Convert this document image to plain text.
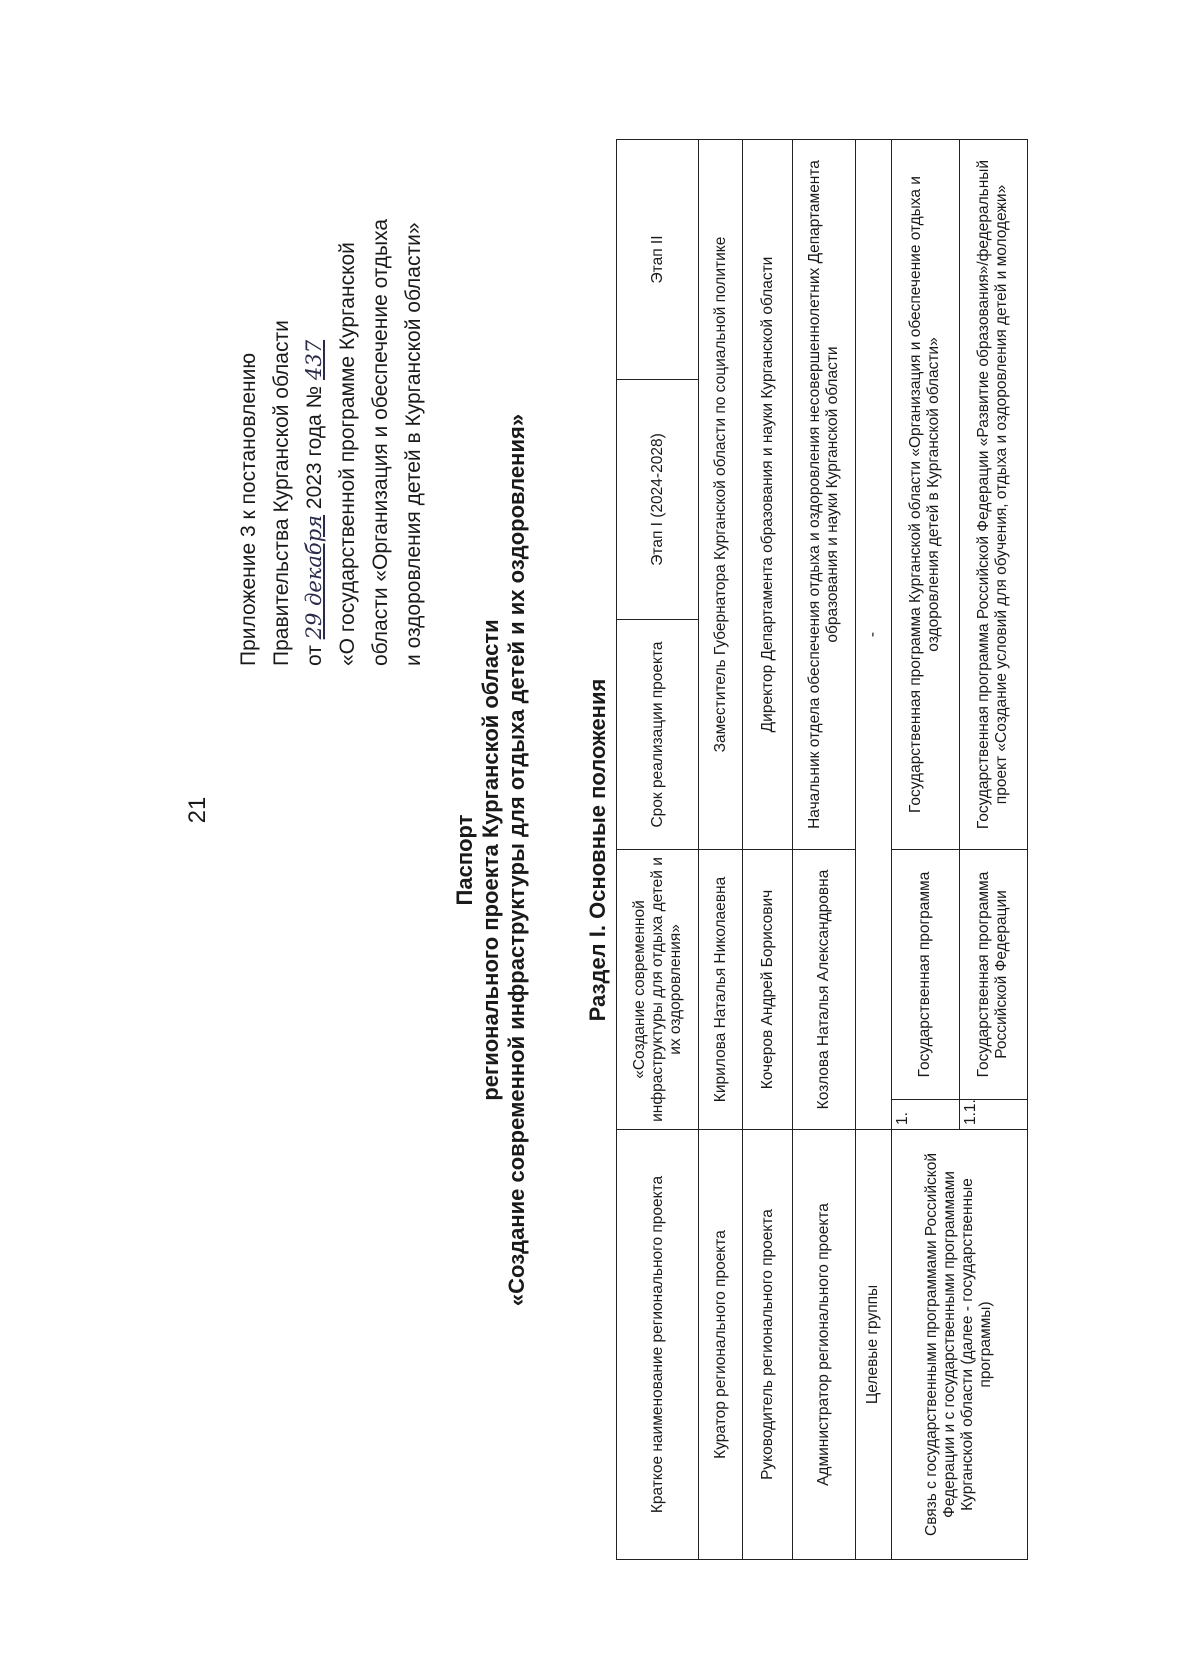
21
Приложение 3 к постановлению Правительства Курганской области от 29 декабря 2023 года № 437 «О государственной программе Курганской области «Организация и обеспечение отдыха и оздоровления детей в Курганской области»
Паспорт регионального проекта Курганской области «Создание современной инфраструктуры для отдыха детей и их оздоровления»	Раздел I. Основные положения
Краткое наименование регионального проекта	«Создание современной инфраструктуры для отдыха детей и их оздоровления»		Срок реализации проекта	Этап I (2024-2028)	Этап II
Куратор регионального проекта	Кирилова Наталья Николаевна		Заместитель Губернатора Курганской области по социальной политике		
Руководитель регионального проекта	Кочеров Андрей Борисович		Директор Департамента образования и науки Курганской области		
Администратор регионального проекта	Козлова Наталья Александровна		Начальник отдела обеспечения отдыха и оздоровления несовершеннолетних Департамента образования и науки Курганской области		
Целевые группы	-				
Связь с государственными программами Российской Федерации и с государственными программами Курганской области (далее - государственные программы)	1.	Государственная программа	Государственная программа Курганской области «Организация и обеспечение отдыха и оздоровления детей в Курганской области»		
	1.1.	Государственная программа Российской Федерации	Государственная программа Российской Федерации «Развитие образования»/федеральный проект «Создание условий для обучения, отдыха и оздоровления детей и молодежи»		
